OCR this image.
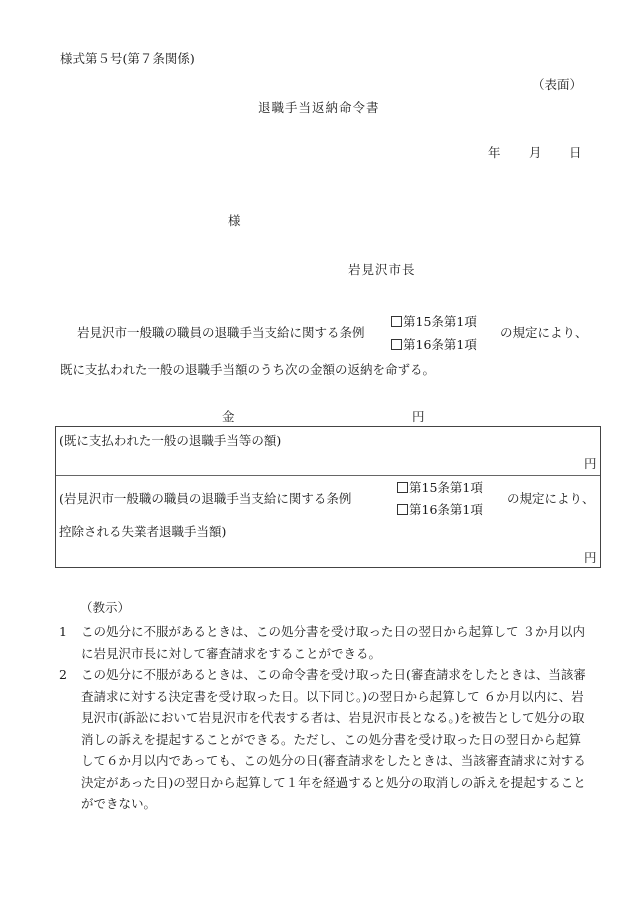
様式第５号(第７条関係)
（表面）
退職手当返納命令書
年 月 日
様
岩見沢市長
岩見沢市一般職の職員の退職手当支給に関する条例
第15条第1項
第16条第1項
の規定により、
既に支払われた一般の退職手当額のうち次の金額の返納を命ずる。
金	円
(既に支払われた一般の退職手当等の額)
円
(岩見沢市一般職の職員の退職手当支給に関する条例
第15条第1項
第16条第1項
の規定により、
控除される失業者退職手当額)
円
（教示）
1 この処分に不服があるときは、この処分書を受け取った日の翌日から起算して ３か月以内に岩見沢市長に対して審査請求をすることができる。
2 この処分に不服があるときは、この命令書を受け取った日(審査請求をしたときは、当該審査請求に対する決定書を受け取った日。以下同じ。)の翌日から起算して ６か月以内に、岩見沢市(訴訟において岩見沢市を代表する者は、岩見沢市長となる。)を被告として処分の取消しの訴えを提起することができる。ただし、この処分書を受け取った日の翌日から起算して６か月以内であっても、この処分の日(審査請求をしたときは、当該審査請求に対する決定があった日)の翌日から起算して１年を経過すると処分の取消しの訴えを提起することができない。
